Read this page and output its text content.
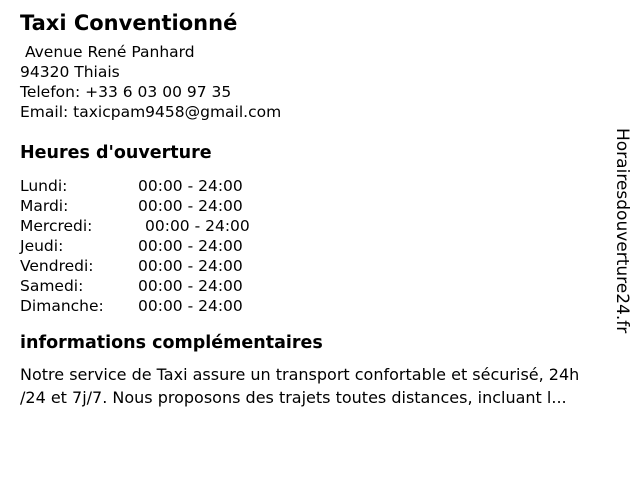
Taxi Conventionné
Avenue René Panhard
94320 Thiais
Telefon: +33 6 03 00 97 35
Email: taxicpam9458@gmail.com
Heures d'ouverture
Lundi:	00:00 - 24:00
Mardi:	00:00 - 24:00
Mercredi:	00:00 - 24:00
Jeudi:	00:00 - 24:00
Vendredi:	00:00 - 24:00
Samedi:	00:00 - 24:00
Dimanche: 00:00 - 24:00
informations complémentaires
Notre service de Taxi assure un transport confortable et sécurisé, 24h
/24 et 7j/7. Nous proposons des trajets toutes distances, incluant l...
Horairesdouverture24.fr
